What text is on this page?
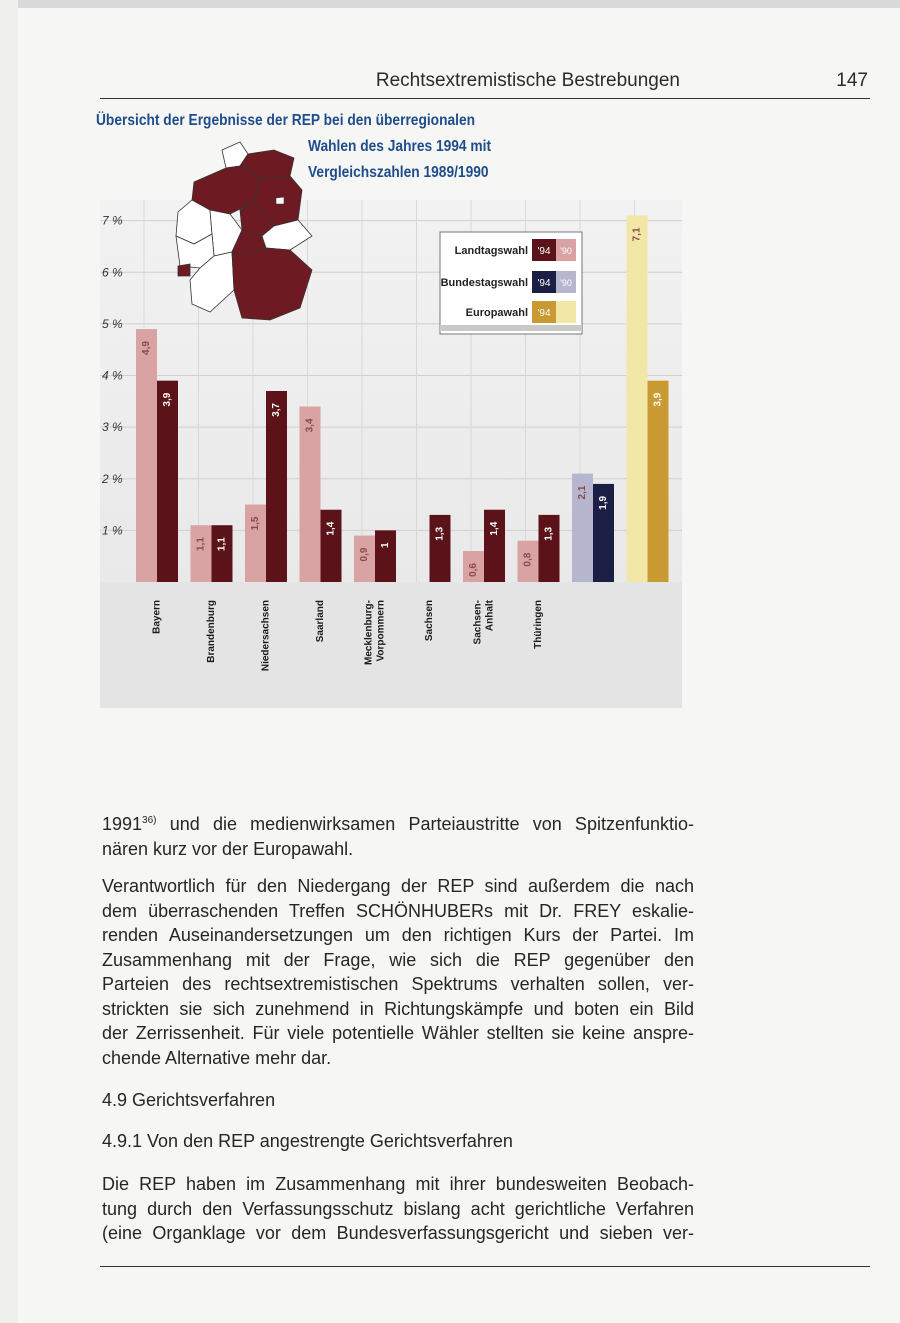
Rechtsextremistische Bestrebungen	147
4,9
3,9
1,1 1,1
1,5
3,7
3,4
1,4
0,9
1
1,3
0,6
1,4
0,8
1,3
2,1
1,9
7,1
3,9
1 %
2 %
3 %
4 %
5 %
6 %
7 %
Bayern	Brandenburg	Niedersachsen	Saarland	Mecklenburg- Vorpommern	Sachsen	Sachsen- Anhalt	Thüringen
Landtagswahl '94 '90
Bundestagswahl '94 '90
Europawahl '94
Übersicht der Ergebnisse der REP bei den überregionalen
Wahlen des Jahres 1994 mit
Vergleichszahlen 1989/1990
1991$^{36)}$ und die medienwirksamen Parteiaustritte von Spitzenfunktio-
nären kurz vor der Europawahl.
Verantwortlich für den Niedergang der REP sind außerdem die nach
dem überraschenden Treffen SCHÖNHUBERs mit Dr. FREY eskalie-
renden Auseinandersetzungen um den richtigen Kurs der Partei. Im
Zusammenhang mit der Frage, wie sich die REP gegenüber den
Parteien des rechtsextremistischen Spektrums verhalten sollen, ver-
strickten sie sich zunehmend in Richtungskämpfe und boten ein Bild
der Zerrissenheit. Für viele potentielle Wähler stellten sie keine anspre-
chende Alternative mehr dar.
4.9 Gerichtsverfahren
4.9.1 Von den REP angestrengte Gerichtsverfahren
Die REP haben im Zusammenhang mit ihrer bundesweiten Beobach-
tung durch den Verfassungsschutz bislang acht gerichtliche Verfahren
(eine Organklage vor dem Bundesverfassungsgericht und sieben ver-
